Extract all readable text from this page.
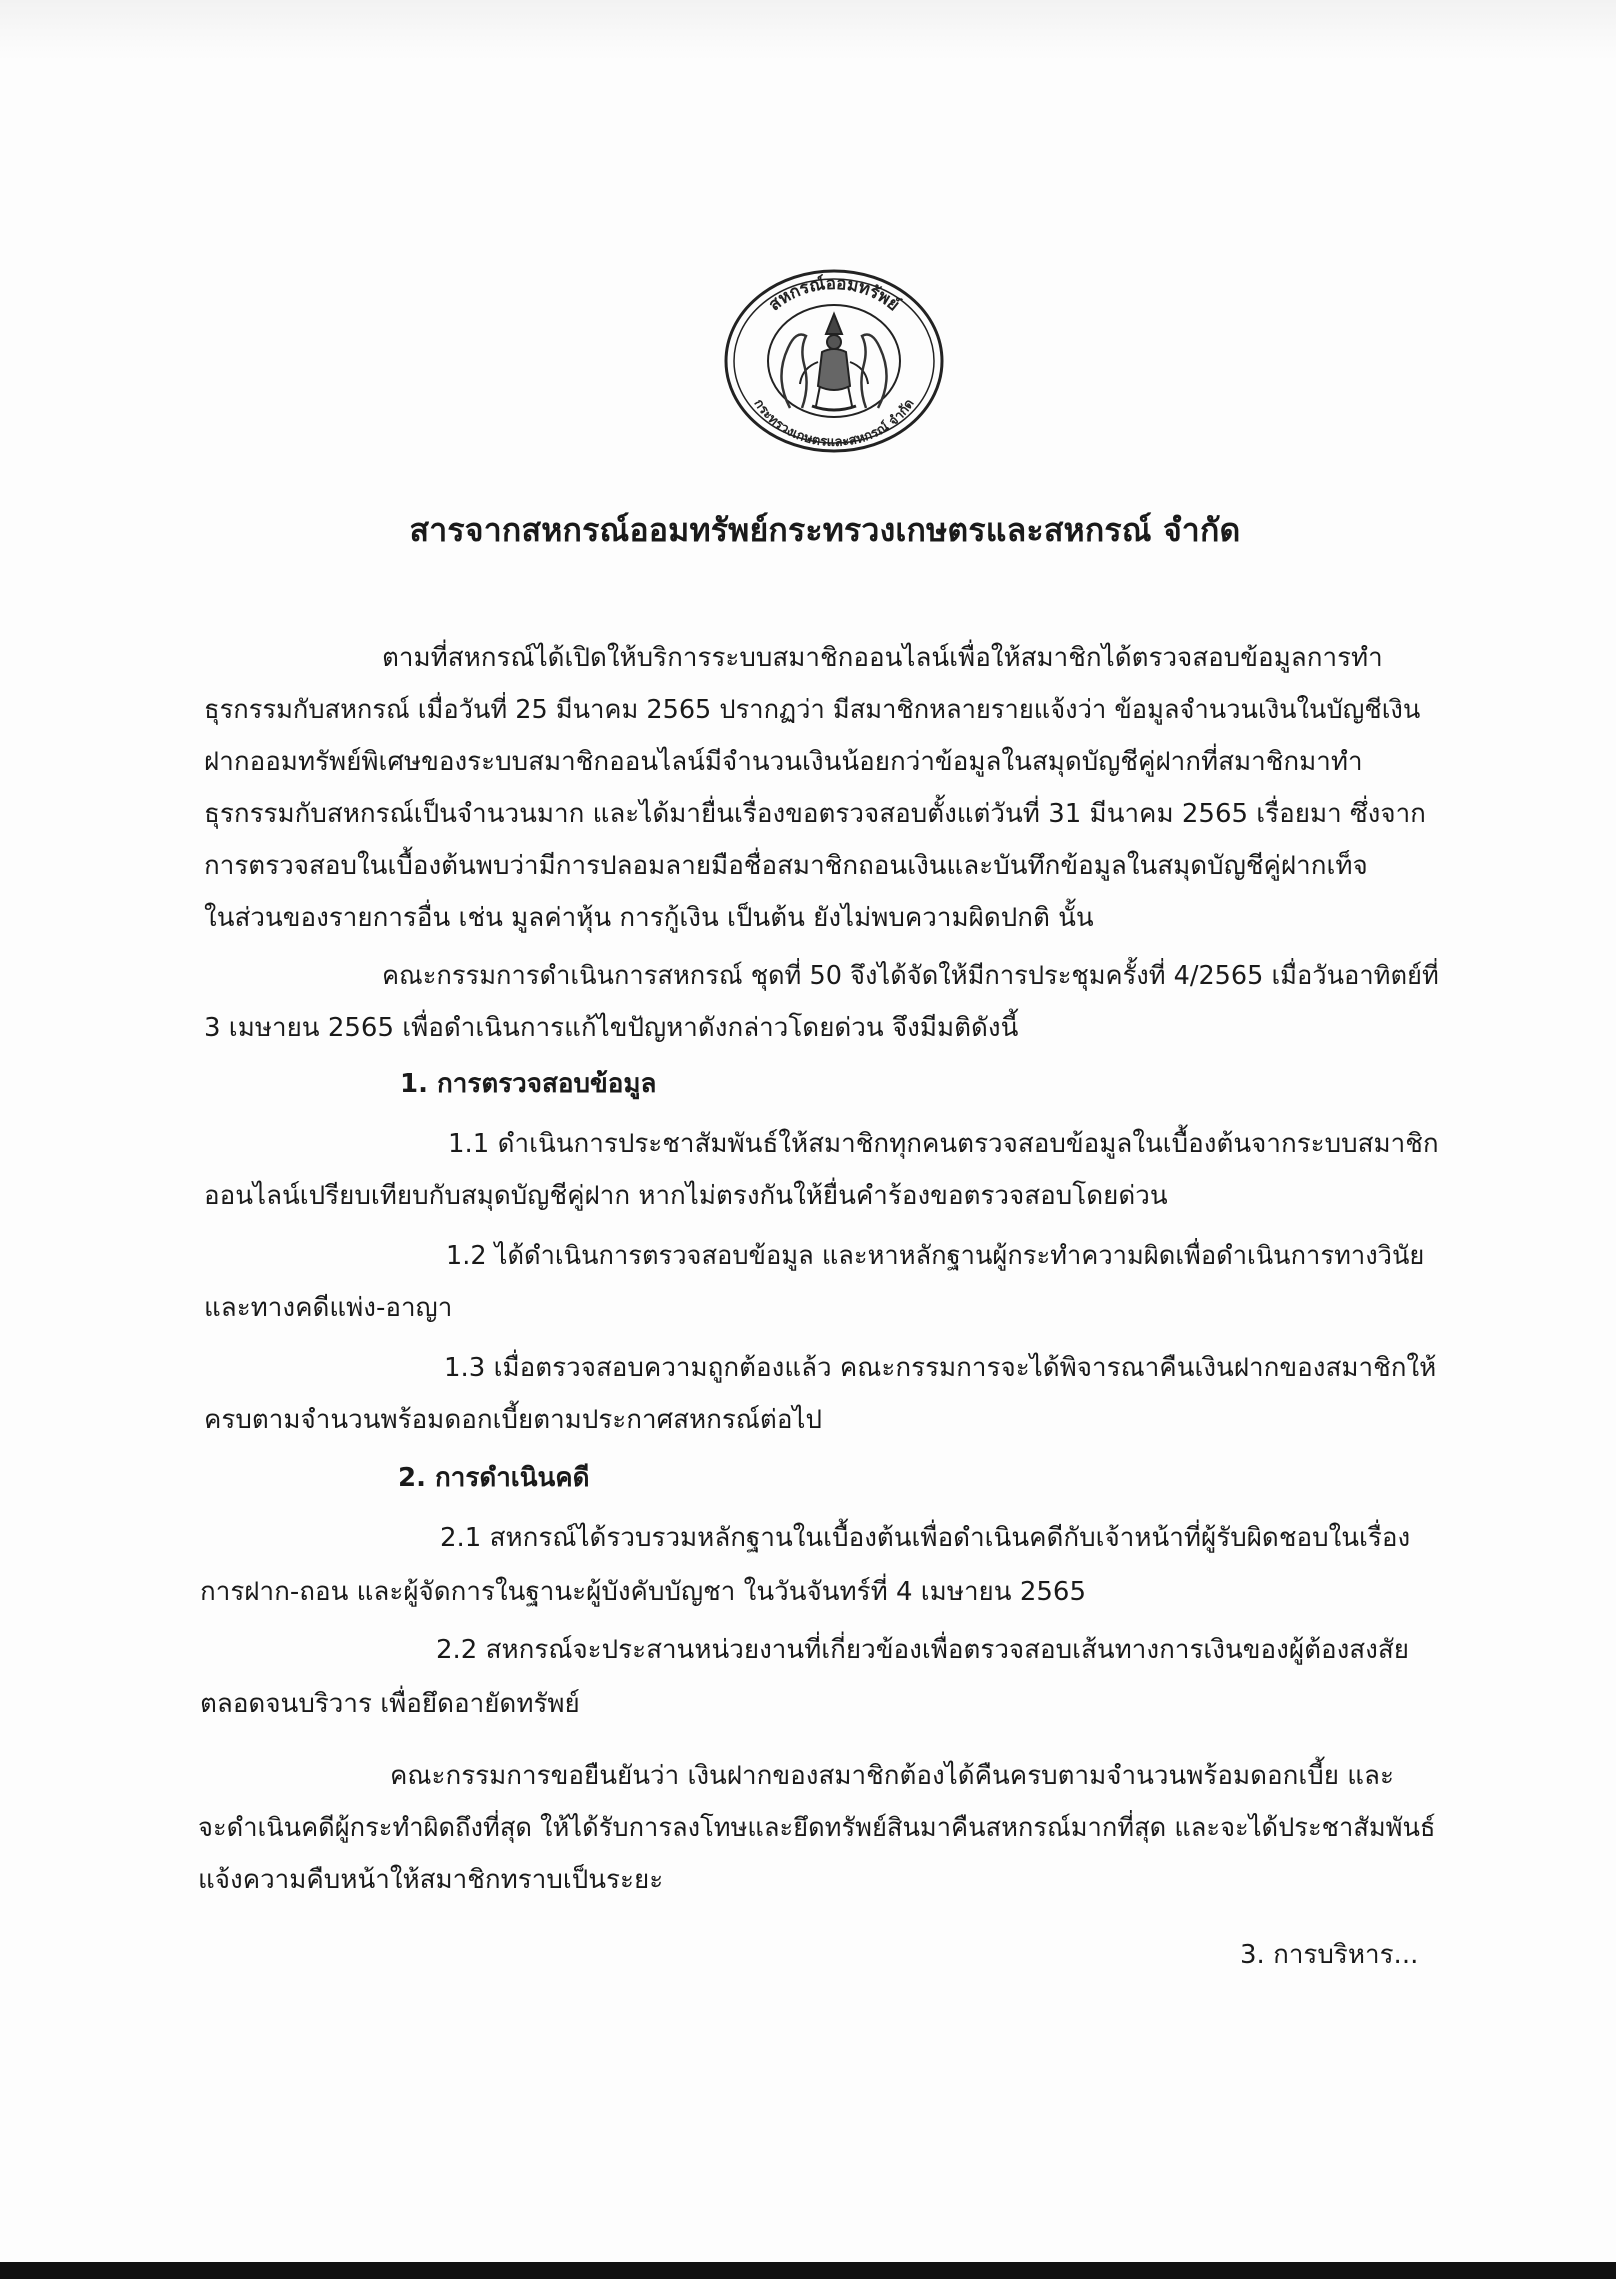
สหกรณ์ออมทรัพย์
กระทรวงเกษตรและสหกรณ์ จำกัด
สารจากสหกรณ์ออมทรัพย์กระทรวงเกษตรและสหกรณ์ จำกัด
ตามที่สหกรณ์ได้เปิดให้บริการระบบสมาชิกออนไลน์เพื่อให้สมาชิกได้ตรวจสอบข้อมูลการทำ
ธุรกรรมกับสหกรณ์ เมื่อวันที่ 25 มีนาคม 2565 ปรากฏว่า มีสมาชิกหลายรายแจ้งว่า ข้อมูลจำนวนเงินในบัญชีเงิน
ฝากออมทรัพย์พิเศษของระบบสมาชิกออนไลน์มีจำนวนเงินน้อยกว่าข้อมูลในสมุดบัญชีคู่ฝากที่สมาชิกมาทำ
ธุรกรรมกับสหกรณ์เป็นจำนวนมาก และได้มายื่นเรื่องขอตรวจสอบตั้งแต่วันที่ 31 มีนาคม 2565 เรื่อยมา ซึ่งจาก
การตรวจสอบในเบื้องต้นพบว่ามีการปลอมลายมือชื่อสมาชิกถอนเงินและบันทึกข้อมูลในสมุดบัญชีคู่ฝากเท็จ
ในส่วนของรายการอื่น เช่น มูลค่าหุ้น การกู้เงิน เป็นต้น ยังไม่พบความผิดปกติ นั้น
คณะกรรมการดำเนินการสหกรณ์ ชุดที่ 50 จึงได้จัดให้มีการประชุมครั้งที่ 4/2565 เมื่อวันอาทิตย์ที่
3 เมษายน 2565 เพื่อดำเนินการแก้ไขปัญหาดังกล่าวโดยด่วน จึงมีมติดังนี้
1. การตรวจสอบข้อมูล
1.1 ดำเนินการประชาสัมพันธ์ให้สมาชิกทุกคนตรวจสอบข้อมูลในเบื้องต้นจากระบบสมาชิก
ออนไลน์เปรียบเทียบกับสมุดบัญชีคู่ฝาก หากไม่ตรงกันให้ยื่นคำร้องขอตรวจสอบโดยด่วน
1.2 ได้ดำเนินการตรวจสอบข้อมูล และหาหลักฐานผู้กระทำความผิดเพื่อดำเนินการทางวินัย
และทางคดีแพ่ง-อาญา
1.3 เมื่อตรวจสอบความถูกต้องแล้ว คณะกรรมการจะได้พิจารณาคืนเงินฝากของสมาชิกให้
ครบตามจำนวนพร้อมดอกเบี้ยตามประกาศสหกรณ์ต่อไป
2. การดำเนินคดี
2.1 สหกรณ์ได้รวบรวมหลักฐานในเบื้องต้นเพื่อดำเนินคดีกับเจ้าหน้าที่ผู้รับผิดชอบในเรื่อง
การฝาก-ถอน และผู้จัดการในฐานะผู้บังคับบัญชา ในวันจันทร์ที่ 4 เมษายน 2565
2.2 สหกรณ์จะประสานหน่วยงานที่เกี่ยวข้องเพื่อตรวจสอบเส้นทางการเงินของผู้ต้องสงสัย
ตลอดจนบริวาร เพื่อยึดอายัดทรัพย์
คณะกรรมการขอยืนยันว่า เงินฝากของสมาชิกต้องได้คืนครบตามจำนวนพร้อมดอกเบี้ย และ
จะดำเนินคดีผู้กระทำผิดถึงที่สุด ให้ได้รับการลงโทษและยึดทรัพย์สินมาคืนสหกรณ์มากที่สุด และจะได้ประชาสัมพันธ์
แจ้งความคืบหน้าให้สมาชิกทราบเป็นระยะ
3. การบริหาร...
